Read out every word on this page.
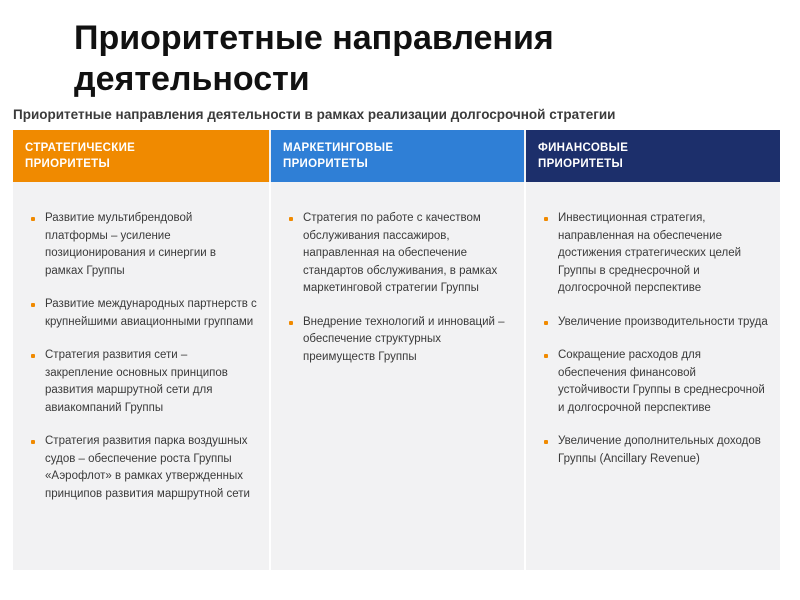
Приоритетные направления деятельности
Приоритетные направления деятельности в рамках реализации долгосрочной стратегии
СТРАТЕГИЧЕСКИЕ ПРИОРИТЕТЫ
МАРКЕТИНГОВЫЕ ПРИОРИТЕТЫ
ФИНАНСОВЫЕ ПРИОРИТЕТЫ
Развитие мультибрендовой платформы – усиление позиционирования и синергии в рамках Группы
Развитие международных партнерств с крупнейшими авиационными группами
Стратегия развития сети – закрепление основных принципов развития маршрутной сети для авиакомпаний Группы
Стратегия развития парка воздушных судов – обеспечение роста Группы «Аэрофлот» в рамках утвержденных принципов развития маршрутной сети
Стратегия по работе с качеством обслуживания пассажиров, направленная на обеспечение стандартов обслуживания, в рамках маркетинговой стратегии Группы
Внедрение технологий и инноваций – обеспечение структурных преимуществ Группы
Инвестиционная стратегия, направленная на обеспечение достижения стратегических целей Группы в среднесрочной и долгосрочной перспективе
Увеличение производительности труда
Сокращение расходов для обеспечения финансовой устойчивости Группы в среднесрочной и долгосрочной перспективе
Увеличение дополнительных доходов Группы (Ancillary Revenue)
